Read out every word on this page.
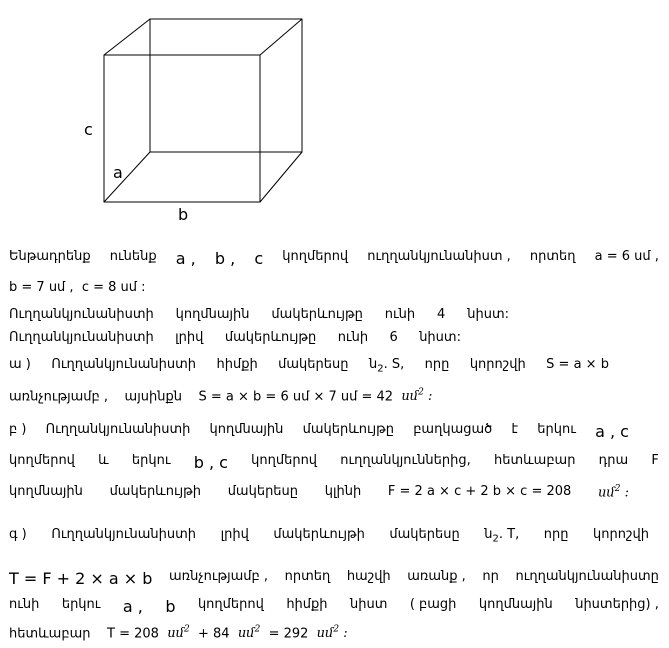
c
a
b
Ենթադրենք ունենք a , b , c կողմերով ուղղանկյունանիստ , որտեղ a = 6 սմ ,
b = 7 սմ , c = 8 սմ :
Ուղղանկյունանիստի կողմնային մակերևույթը ունի 4 նիստ:
Ուղղանկյունանիստի լրիվ մակերևույթը ունի 6 նիստ:
ա ) Ուղղանկյունանիստի հիմքի մակերեսը ն$_2$. S, որը կորոշվի S = a × b
առնչությամբ , այսինքն S = a × b = 6 սմ × 7 սմ = 42 սմ$^2$ :
բ ) Ուղղանկյունանիստի կողմնային մակերևույթը բաղկացած է երկու a , c
կողմերով և երկու b , c կողմերով ուղղանկյուններից, հետևաբար դրա F
կողմնային մակերևույթի մակերեսը կլինի F = 2 a × c + 2 b × c = 208 սմ$^2$ :
գ ) Ուղղանկյունանիստի լրիվ մակերևույթի մակերեսը ն$_2$. T, որը կորոշվի
T = F + 2 × a × b առնչությամբ , որտեղ հաշվի առանք , որ ուղղանկյունանիստը
ունի երկու a , b կողմերով հիմքի նիստ ( բացի կողմնային նիստերից) ,
հետևաբար T = 208 սմ$^2$ + 84 սմ$^2$ = 292 սմ$^2$ :
